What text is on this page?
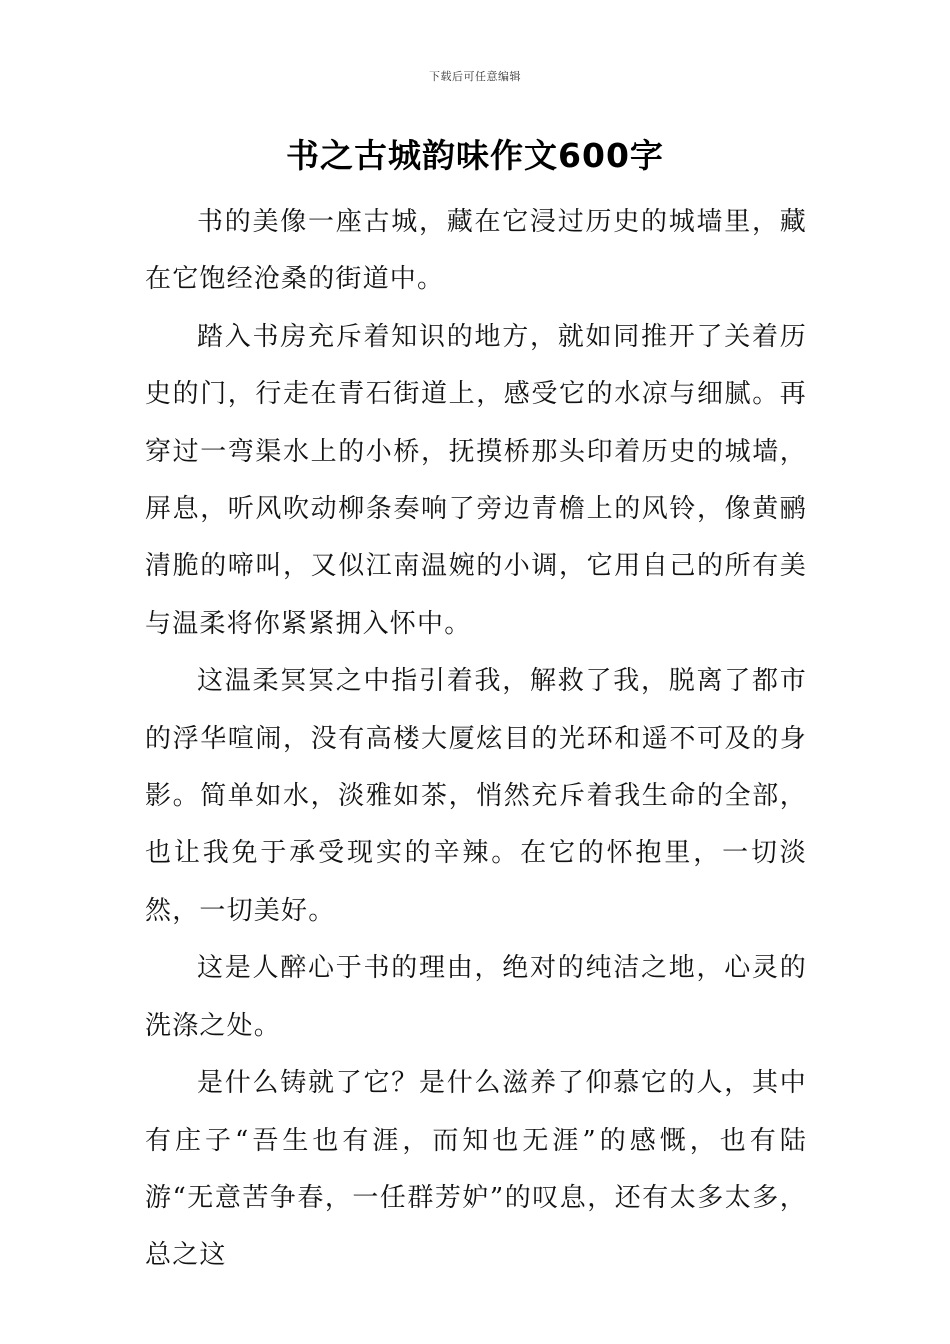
下载后可任意编辑
书之古城韵味作文600字

书的美像一座古城，藏在它浸过历史的城墙里，藏在它饱经沧桑的街道中。

踏入书房充斥着知识的地方，就如同推开了关着历史的门，行走在青石街道上，感受它的水凉与细腻。再穿过一弯渠水上的小桥，抚摸桥那头印着历史的城墙，屏息，听风吹动柳条奏响了旁边青檐上的风铃，像黄鹂清脆的啼叫，又似江南温婉的小调，它用自己的所有美与温柔将你紧紧拥入怀中。

这温柔冥冥之中指引着我，解救了我，脱离了都市的浮华喧闹，没有高楼大厦炫目的光环和遥不可及的身影。简单如水，淡雅如茶，悄然充斥着我生命的全部，也让我免于承受现实的辛辣。在它的怀抱里，一切淡然，一切美好。

这是人醉心于书的理由，绝对的纯洁之地，心灵的洗涤之处。

是什么铸就了它？是什么滋养了仰慕它的人，其中有庄子“吾生也有涯，而知也无涯”的感慨，也有陆游“无意苦争春，一任群芳妒”的叹息，还有太多太多，总之这
